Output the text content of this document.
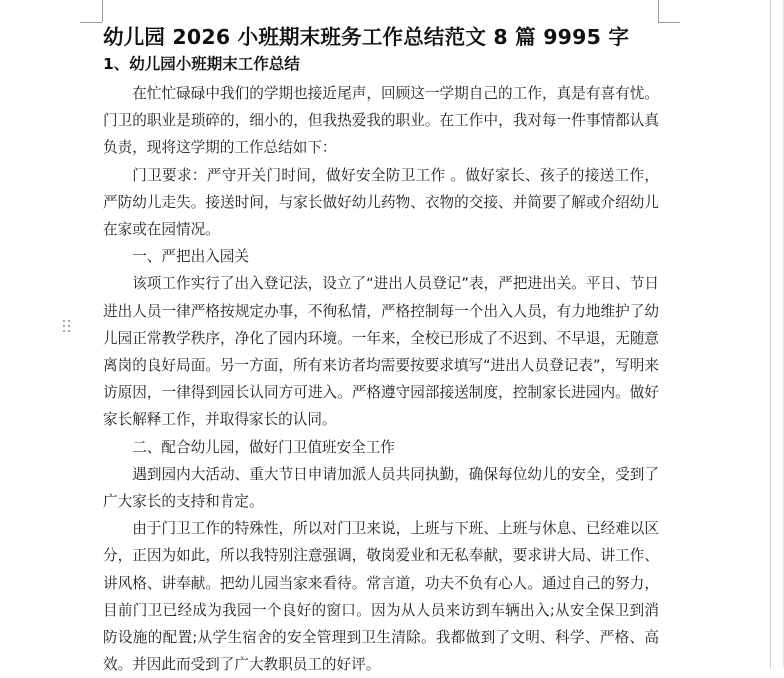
幼儿园 2026 小班期末班务工作总结范文 8 篇 9995 字
1、幼儿园小班期末工作总结

在忙忙碌碌中我们的学期也接近尾声，回顾这一学期自己的工作，真是有喜有忧。门卫的职业是琐碎的，细小的，但我热爱我的职业。在工作中，我对每一件事情都认真负责，现将这学期的工作总结如下：

门卫要求：严守开关门时间，做好安全防卫工作 。做好家长、孩子的接送工作，严防幼儿走失。接送时间，与家长做好幼儿药物、衣物的交接、并简要了解或介绍幼儿在家或在园情况。

一、严把出入园关

该项工作实行了出入登记法，设立了“进出人员登记”表，严把进出关。平日、节日进出人员一律严格按规定办事，不徇私情，严格控制每一个出入人员，有力地维护了幼儿园正常教学秩序，净化了园内环境。一年来，全校已形成了不迟到、不早退，无随意离岗的良好局面。另一方面，所有来访者均需要按要求填写“进出人员登记表”，写明来访原因，一律得到园长认同方可进入。严格遵守园部接送制度，控制家长进园内。做好家长解释工作，并取得家长的认同。

二、配合幼儿园，做好门卫值班安全工作

遇到园内大活动、重大节日申请加派人员共同执勤，确保每位幼儿的安全，受到了广大家长的支持和肯定。

由于门卫工作的特殊性，所以对门卫来说，上班与下班、上班与休息、已经难以区分，正因为如此，所以我特别注意强调，敬岗爱业和无私奉献，要求讲大局、讲工作、讲风格、讲奉献。把幼儿园当家来看待。常言道，功夫不负有心人。通过自己的努力，目前门卫已经成为我园一个良好的窗口。因为从人员来访到车辆出入;从安全保卫到消防设施的配置;从学生宿舍的安全管理到卫生清除。我都做到了文明、科学、严格、高效。并因此而受到了广大教职员工的好评。
